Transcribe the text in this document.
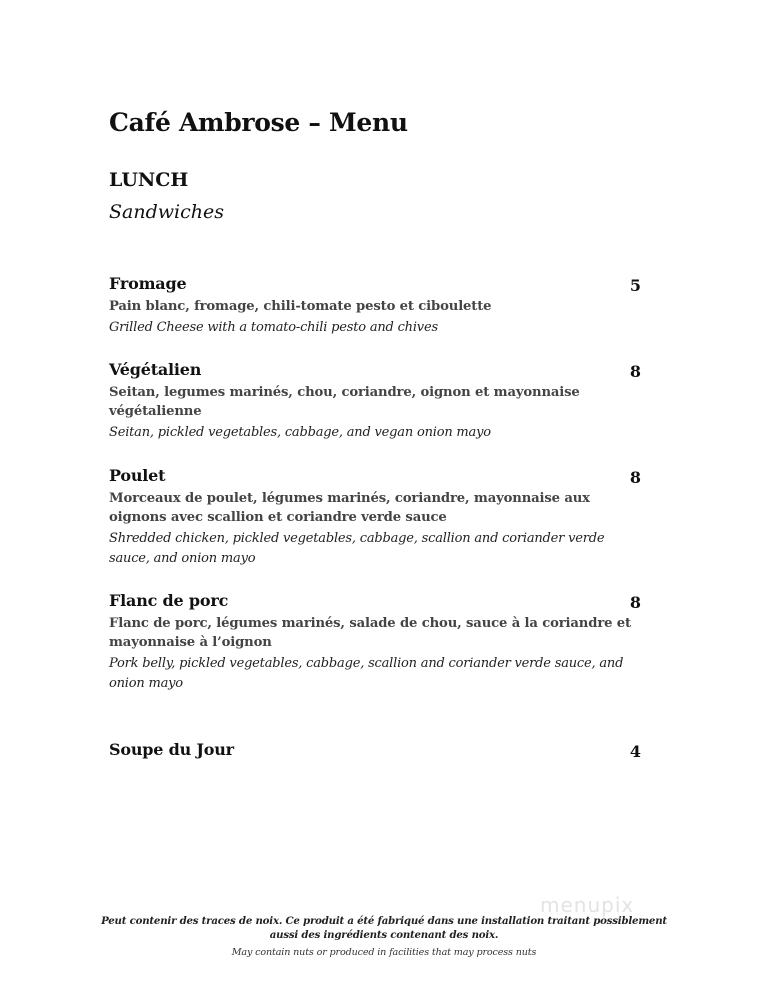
Café Ambrose – Menu
LUNCH
Sandwiches
Fromage	5
Pain blanc, fromage, chili-tomate pesto et ciboulette
Grilled Cheese with a tomato-chili pesto and chives
Végétalien	8
Seitan, legumes marinés, chou, coriandre, oignon et mayonnaise végétalienne
Seitan, pickled vegetables, cabbage, and vegan onion mayo
Poulet	8
Morceaux de poulet, légumes marinés, coriandre, mayonnaise aux oignons avec scallion et coriandre verde sauce
Shredded chicken, pickled vegetables, cabbage, scallion and coriander verde sauce, and onion mayo
Flanc de porc	8
Flanc de porc, légumes marinés, salade de chou, sauce à la coriandre et mayonnaise à l’oignon
Pork belly, pickled vegetables, cabbage, scallion and coriander verde sauce, and onion mayo
Soupe du Jour	4
menupix
Peut contenir des traces de noix. Ce produit a été fabriqué dans une installation traitant possiblement aussi des ingrédients contenant des noix.
May contain nuts or produced in facilities that may process nuts
